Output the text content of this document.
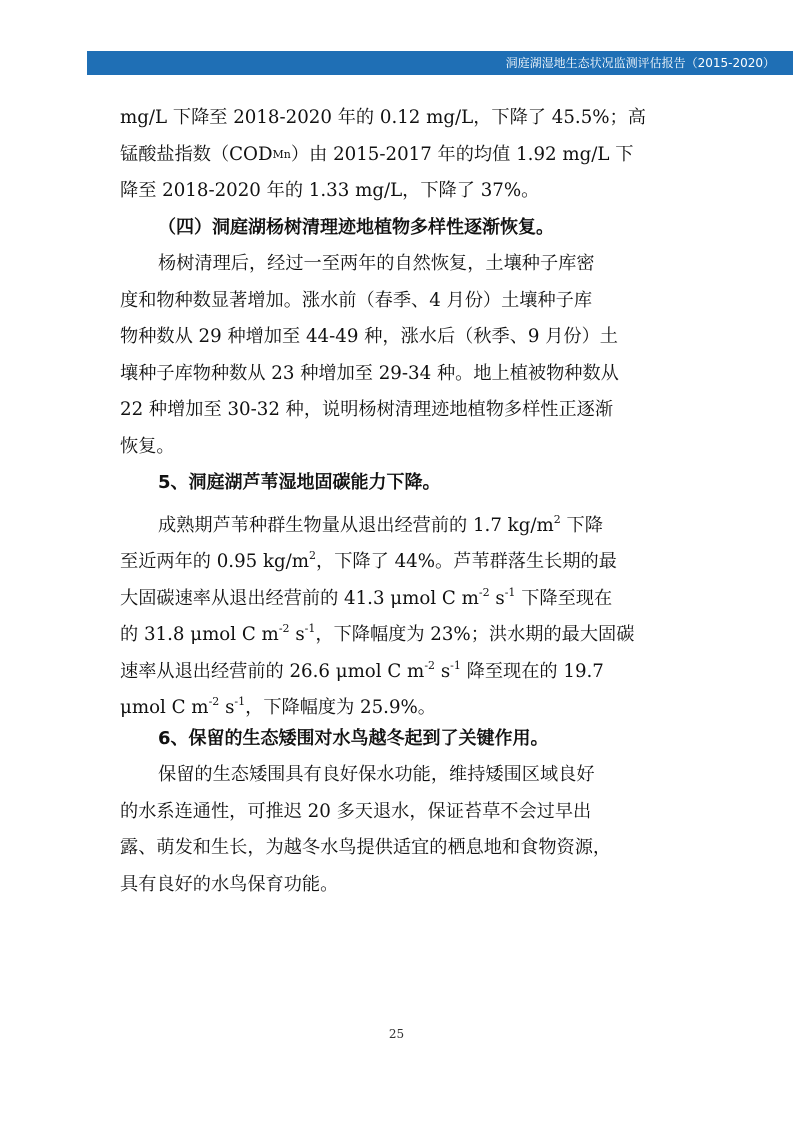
洞庭湖湿地生态状况监测评估报告（2015-2020）
mg/L 下降至 2018-2020 年的 0.12 mg/L，下降了 45.5%；高
锰酸盐指数（COD Mn ）由 2015-2017 年的均值 1.92 mg/L 下
降至 2018-2020 年的 1.33 mg/L，下降了 37%。
（四）洞庭湖杨树清理迹地植物多样性逐渐恢复。
杨树清理后，经过一至两年的自然恢复，土壤种子库密
度和物种数显著增加。涨水前（春季、4 月份）土壤种子库
物种数从 29 种增加至 44-49 种，涨水后（秋季、9 月份）土
壤种子库物种数从 23 种增加至 29-34 种。地上植被物种数从
22 种增加至 30-32 种，说明杨树清理迹地植物多样性正逐渐
恢复。
5、洞庭湖芦苇湿地固碳能力下降。
成熟期芦苇种群生物量从退出经营前的 1.7 $kg/m^2$ 下降
至近两年的 0.95 $kg/m^2$，下降了 44%。芦苇群落生长期的最
大固碳速率从退出经营前的 41.3 μmol C $m^{-2}$ $s^{-1}$ 下降至现在
的 31.8 μmol C $m^{-2}$ $s^{-1}$，下降幅度为 23%；洪水期的最大固碳
速率从退出经营前的 26.6 μmol C $m^{-2}$ $s^{-1}$ 降至现在的 19.7
μmol C $m^{-2}$ $s^{-1}$，下降幅度为 25.9%。
6、保留的生态矮围对水鸟越冬起到了关键作用。
保留的生态矮围具有良好保水功能，维持矮围区域良好
的水系连通性，可推迟 20 多天退水，保证苔草不会过早出
露、萌发和生长，为越冬水鸟提供适宜的栖息地和食物资源，
具有良好的水鸟保育功能。
25
